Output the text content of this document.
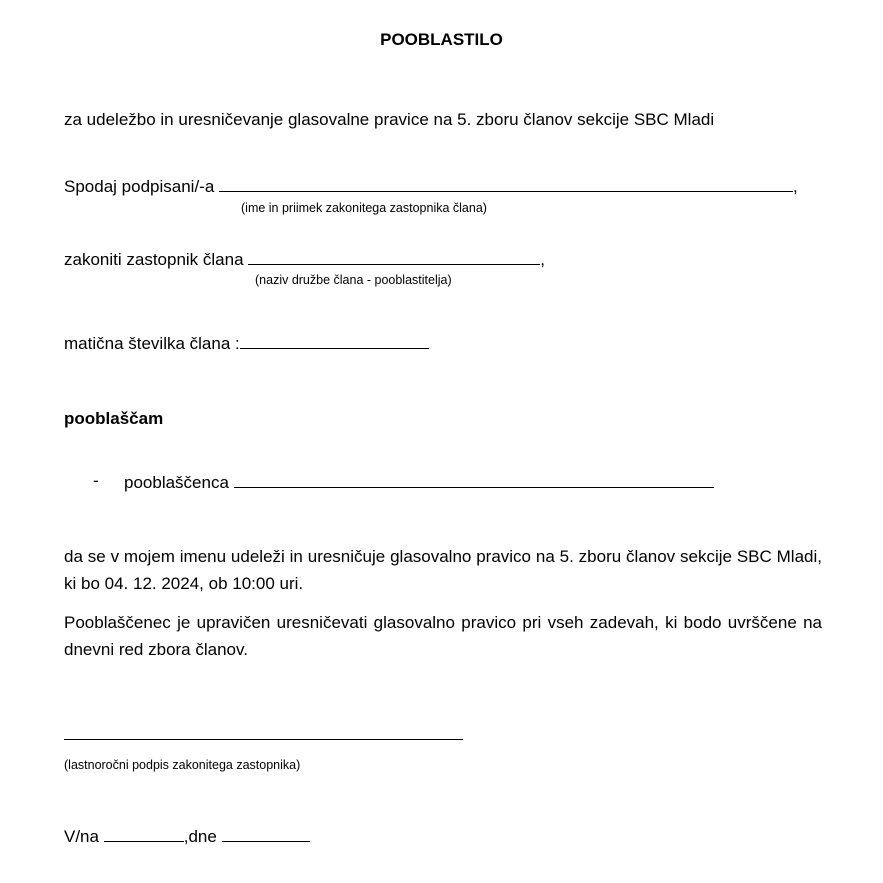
POOBLASTILO
za udeležbo in uresničevanje glasovalne pravice na 5. zboru članov sekcije SBC Mladi
Spodaj podpisani/-a	,
(ime in priimek zakonitega zastopnika člana)
zakoniti zastopnik člana	,
(naziv družbe člana - pooblastitelja)
matična številka člana :
pooblaščam
- pooblaščenca
da se v mojem imenu udeleži in uresničuje glasovalno pravico na 5. zboru članov sekcije SBC Mladi, ki bo 04. 12. 2024, ob 10:00 uri.
Pooblaščenec je upravičen uresničevati glasovalno pravico pri vseh zadevah, ki bodo uvrščene na dnevni red zbora članov.
(lastnoročni podpis zakonitega zastopnika)
V/na	,dne
